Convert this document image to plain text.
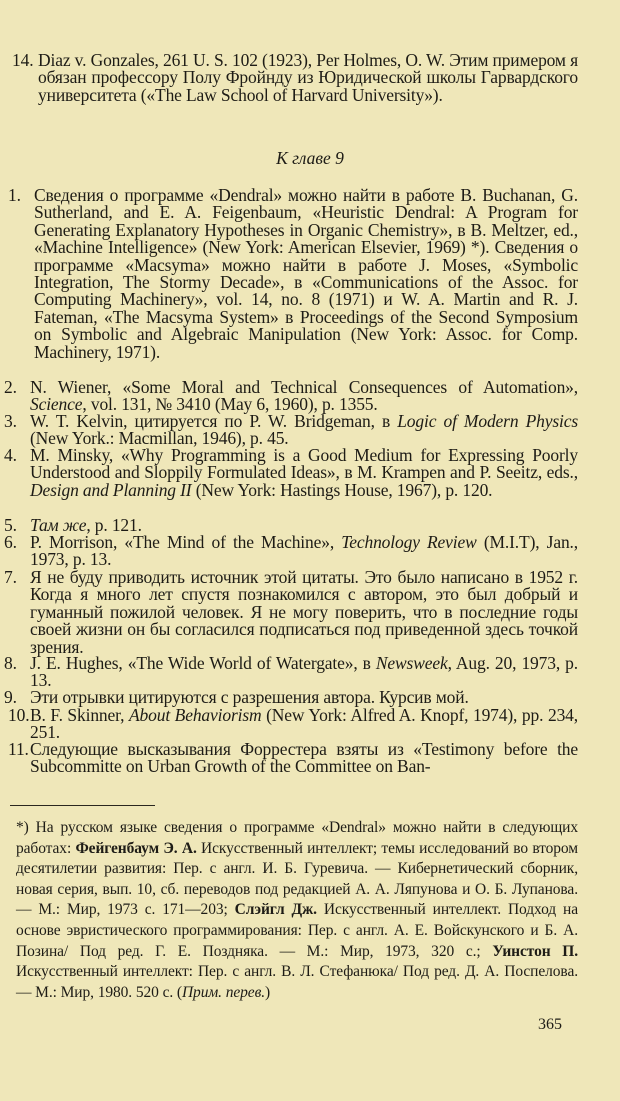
14. Diaz v. Gonzales, 261 U. S. 102 (1923), Per Holmes, O. W. Этим примером я обязан профессору Полу Фройнду из Юридической школы Гарвардского университета («The Law School of Harvard University»).

К главе 9

1. Сведения о программе «Dendral» можно найти в работе В. Buchanan, G. Sutherland, and E. A. Feigenbaum, «Heuristic Dendral: A Program for Generating Explanatory Hypotheses in Organic Chemistry», в B. Meltzer, ed., «Machine Intelligence» (New York: American Elsevier, 1969) *). Сведения о программе «Macsyma» можно найти в работе J. Moses, «Symbolic Integration, The Stormy Decade», в «Communications of the Assoc. for Computing Machinery», vol. 14, no. 8 (1971) и W. A. Martin and R. J. Fateman, «The Macsyma System» в Proceedings of the Second Symposium on Symbolic and Algebraic Manipulation (New York: Assoc. for Comp. Machinery, 1971).

2. N. Wiener, «Some Moral and Technical Consequences of Automation», Science, vol. 131, № 3410 (May 6, 1960), p. 1355.

3. W. T. Kelvin, цитируется по P. W. Bridgeman, в Logic of Modern Physics (New York.: Macmillan, 1946), p. 45.

4. M. Minsky, «Why Programming is a Good Medium for Expressing Poorly Understood and Sloppily Formulated Ideas», в M. Krampen and P. Seeitz, eds., Design and Planning II (New York: Hastings House, 1967), p. 120.

5. Там же, p. 121.

6. P. Morrison, «The Mind of the Machine», Technology Review (M.I.T), Jan., 1973, p. 13.

7. Я не буду приводить источник этой цитаты. Это было написано в 1952 г. Когда я много лет спустя познакомился с автором, это был добрый и гуманный пожилой человек. Я не могу поверить, что в последние годы своей жизни он бы согласился подписаться под приведенной здесь точкой зрения.

8. J. E. Hughes, «The Wide World of Watergate», в Newsweek, Aug. 20, 1973, p. 13.

9. Эти отрывки цитируются с разрешения автора. Курсив мой.

10. B. F. Skinner, About Behaviorism (New York: Alfred A. Knopf, 1974), pp. 234, 251.

11. Следующие высказывания Форрестера взяты из «Testimony before the Subcommitte on Urban Growth of the Committee on Ban-

*) На русском языке сведения о программе «Dendral» можно найти в следующих работах: Фейгенбаум Э. А. Искусственный интеллект; темы исследований во втором десятилетии развития: Пер. с англ. И. Б. Гуревича. — Кибернетический сборник, новая серия, вып. 10, сб. переводов под редакцией А. А. Ляпунова и О. Б. Лупанова. — М.: Мир, 1973 с. 171—203; Слэйгл Дж. Искусственный интеллект. Подход на основе эвристического программирования: Пер. с англ. А. Е. Войскунского и Б. А. Позина/ Под ред. Г. Е. Поздняка. — М.: Мир, 1973, 320 с.; Уинстон П. Искусственный интеллект: Пер. с англ. В. Л. Стефанюка/ Под ред. Д. А. Поспелова. — М.: Мир, 1980. 520 с. (Прим. перев.)

365
